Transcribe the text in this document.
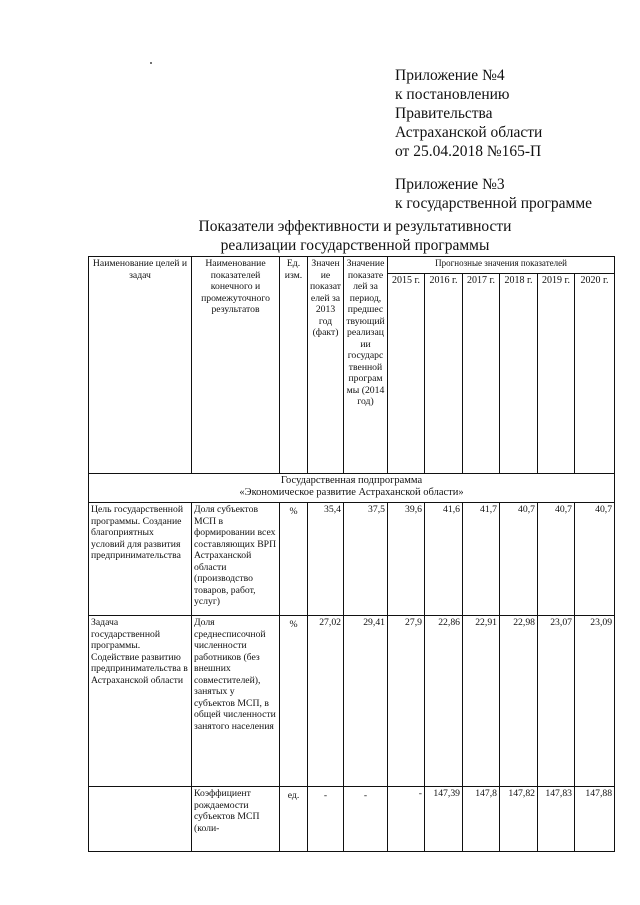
Приложение №4
к постановлению
Правительства
Астраханской области
от 25.04.2018 №165-П
Приложение №3
к государственной программе
Показатели эффективности и результативности
реализации государственной программы
Наименование целей и задач	Наименование показателей конечного и промежуточного результатов	Ед. изм.	Значение показателей за 2013 год (факт)	Значение показателей за период, предшествующий реализации государственной программы (2014 год)	Прогнозные значения показателей					
					2015 г.	2016 г.	2017 г.	2018 г.	2019 г.	2020 г.

Государственная подпрограмма
«Экономическое развитие Астраханской области»										

Цель государственной программы. Создание благоприятных условий для развития предпринимательства	Доля субъектов МСП в формировании всех составляющих ВРП Астраханской области (производство товаров, работ, услуг)	%	35,4	37,5	39,6	41,6	41,7	40,7	40,7	40,7
Задача государственной программы. Содействие развитию предпринимательства в Астраханской области	Доля среднесписочной численности работников (без внешних совместителей), занятых у субъектов МСП, в общей численности занятого населения	%	27,02	29,41	27,9	22,86	22,91	22,98	23,07	23,09
	Коэффициент рождаемости субъектов МСП (коли-	ед.	-	-	-	147,39	147,8	147,82	147,83	147,88
